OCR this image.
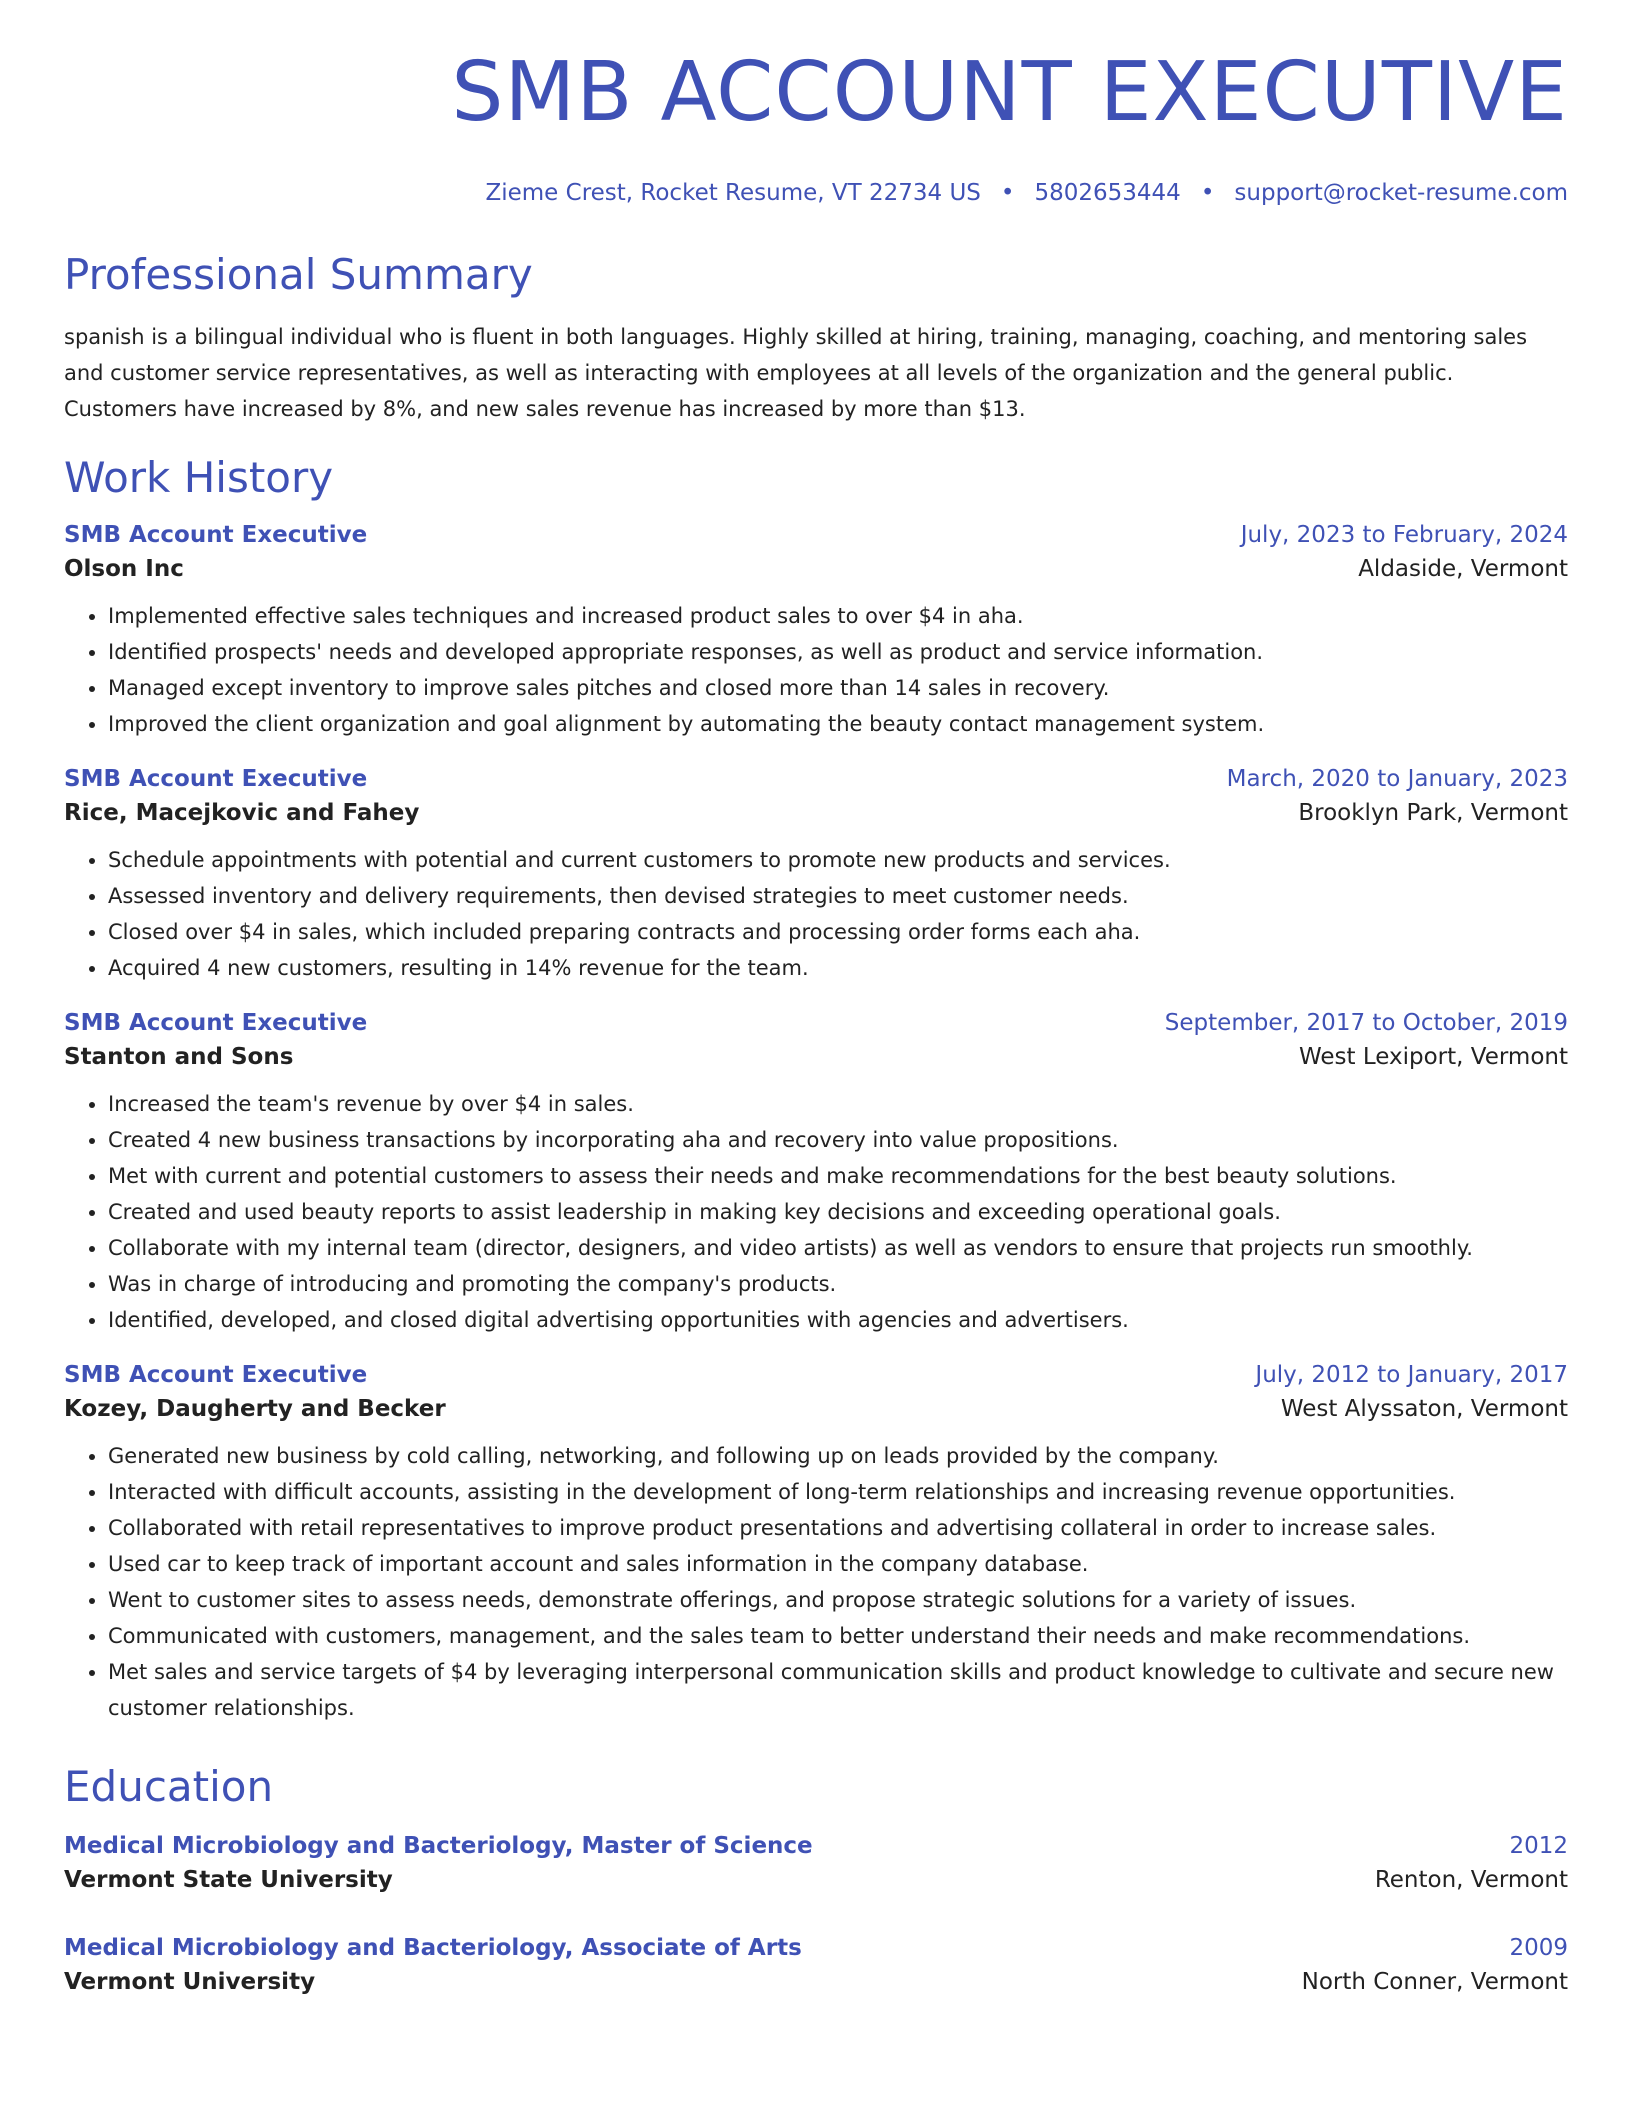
SMB ACCOUNT EXECUTIVE
Zieme Crest, Rocket Resume, VT 22734 US • 5802653444 • support@rocket-resume.com
Professional Summary

spanish is a bilingual individual who is fluent in both languages. Highly skilled at hiring, training, managing, coaching, and mentoring sales and customer service representatives, as well as interacting with employees at all levels of the organization and the general public. Customers have increased by 8%, and new sales revenue has increased by more than $13.

Work History
SMB Account Executive	July, 2023 to February, 2024
Olson Inc	Aldaside, Vermont
• Implemented effective sales techniques and increased product sales to over $4 in aha.
• Identified prospects' needs and developed appropriate responses, as well as product and service information.
• Managed except inventory to improve sales pitches and closed more than 14 sales in recovery.
• Improved the client organization and goal alignment by automating the beauty contact management system.
SMB Account Executive	March, 2020 to January, 2023
Rice, Macejkovic and Fahey	Brooklyn Park, Vermont
• Schedule appointments with potential and current customers to promote new products and services.
• Assessed inventory and delivery requirements, then devised strategies to meet customer needs.
• Closed over $4 in sales, which included preparing contracts and processing order forms each aha.
• Acquired 4 new customers, resulting in 14% revenue for the team.
SMB Account Executive	September, 2017 to October, 2019
Stanton and Sons	West Lexiport, Vermont
• Increased the team's revenue by over $4 in sales.
• Created 4 new business transactions by incorporating aha and recovery into value propositions.
• Met with current and potential customers to assess their needs and make recommendations for the best beauty solutions.
• Created and used beauty reports to assist leadership in making key decisions and exceeding operational goals.
• Collaborate with my internal team (director, designers, and video artists) as well as vendors to ensure that projects run smoothly.
• Was in charge of introducing and promoting the company's products.
• Identified, developed, and closed digital advertising opportunities with agencies and advertisers.
SMB Account Executive	July, 2012 to January, 2017
Kozey, Daugherty and Becker	West Alyssaton, Vermont
• Generated new business by cold calling, networking, and following up on leads provided by the company.
• Interacted with difficult accounts, assisting in the development of long-term relationships and increasing revenue opportunities.
• Collaborated with retail representatives to improve product presentations and advertising collateral in order to increase sales.
• Used car to keep track of important account and sales information in the company database.
• Went to customer sites to assess needs, demonstrate offerings, and propose strategic solutions for a variety of issues.
• Communicated with customers, management, and the sales team to better understand their needs and make recommendations.
• Met sales and service targets of $4 by leveraging interpersonal communication skills and product knowledge to cultivate and secure new customer relationships.
Education
Medical Microbiology and Bacteriology, Master of Science	2012
Vermont State University	Renton, Vermont
Medical Microbiology and Bacteriology, Associate of Arts	2009
Vermont University	North Conner, Vermont
